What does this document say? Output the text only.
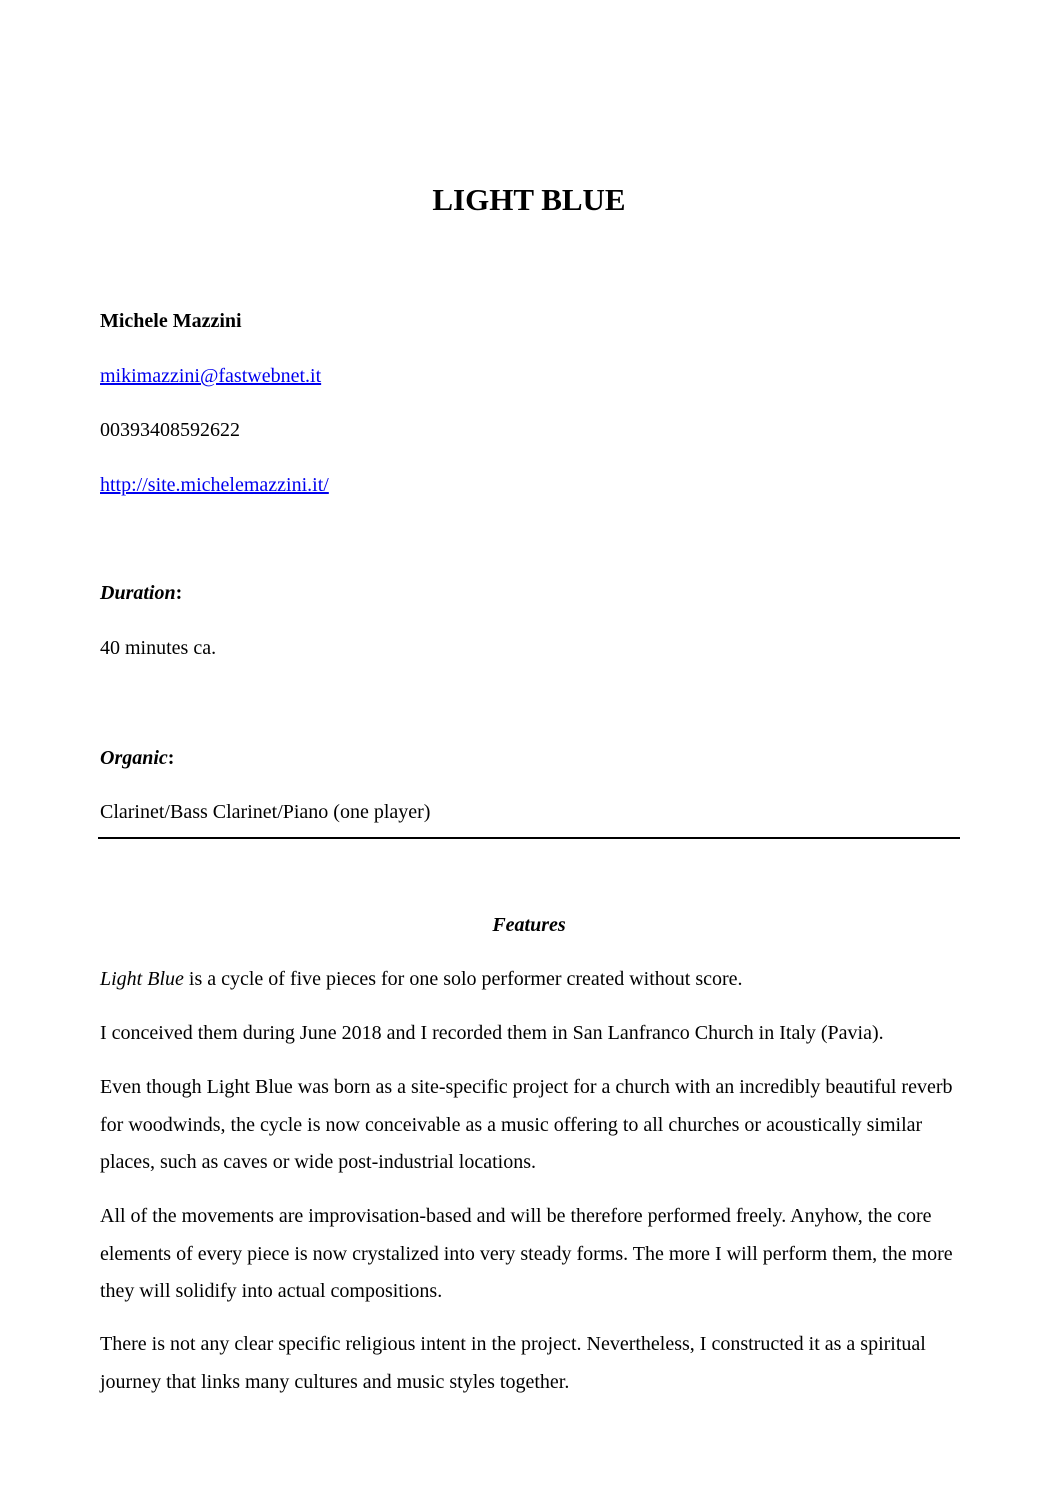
LIGHT BLUE
Michele Mazzini
mikimazzini@fastwebnet.it
00393408592622
http://site.michelemazzini.it/
Duration:
40 minutes ca.
Organic:
Clarinet/Bass Clarinet/Piano (one player)
Features

Light Blue is a cycle of five pieces for one solo performer created without score.

I conceived them during June 2018 and I recorded them in San Lanfranco Church in Italy (Pavia).

Even though Light Blue was born as a site-specific project for a church with an incredibly beautiful reverb for woodwinds, the cycle is now conceivable as a music offering to all churches or acoustically similar places, such as caves or wide post-industrial locations.

All of the movements are improvisation-based and will be therefore performed freely. Anyhow, the core elements of every piece is now crystalized into very steady forms. The more I will perform them, the more they will solidify into actual compositions.

There is not any clear specific religious intent in the project. Nevertheless, I constructed it as a spiritual journey that links many cultures and music styles together.
